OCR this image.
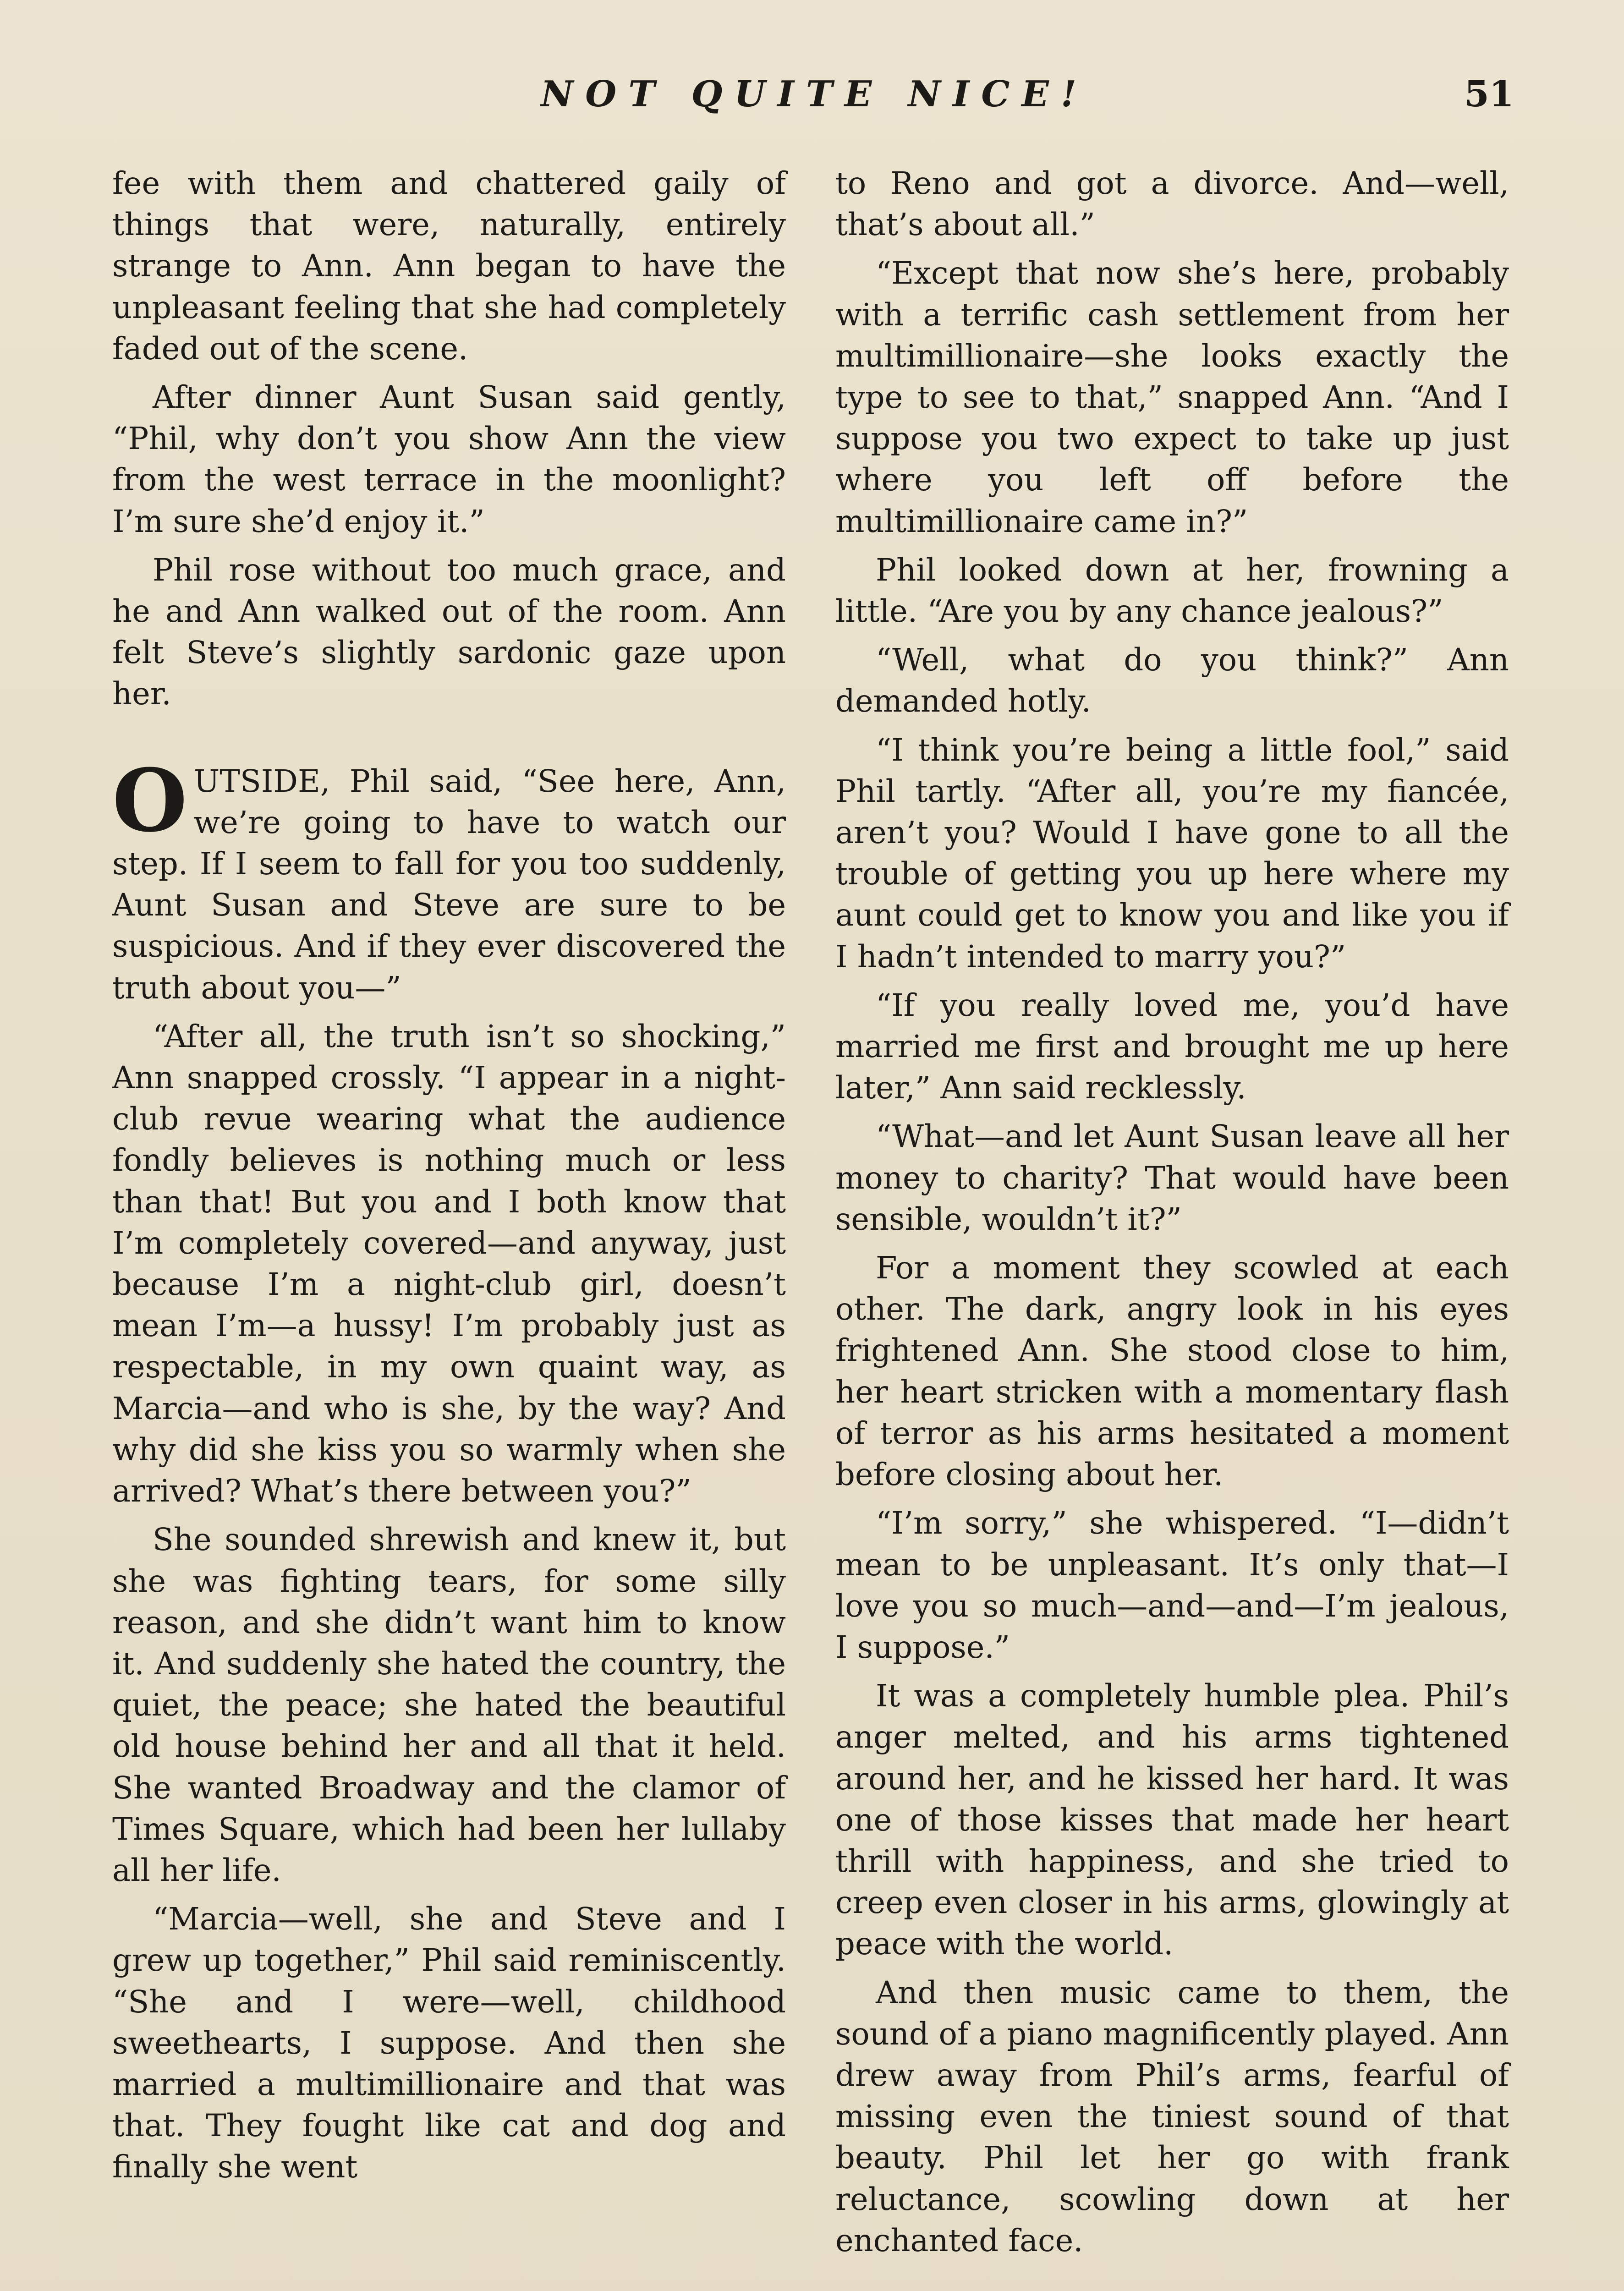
NOT QUITE NICE!	51

fee with them and chattered gaily of things that were, naturally, entirely strange to Ann. Ann began to have the unpleasant feeling that she had completely faded out of the scene.

After dinner Aunt Susan said gently, “Phil, why don’t you show Ann the view from the west terrace in the moonlight? I’m sure she’d enjoy it.”

Phil rose without too much grace, and he and Ann walked out of the room. Ann felt Steve’s slightly sardonic gaze upon her.

OUTSIDE, Phil said, “See here, Ann, we’re going to have to watch our step. If I seem to fall for you too suddenly, Aunt Susan and Steve are sure to be suspicious. And if they ever discovered the truth about you—”

“After all, the truth isn’t so shocking,” Ann snapped crossly. “I appear in a night-club revue wearing what the audience fondly believes is nothing much or less than that! But you and I both know that I’m completely covered—and anyway, just because I’m a night-club girl, doesn’t mean I’m—a hussy! I’m probably just as respectable, in my own quaint way, as Marcia—and who is she, by the way? And why did she kiss you so warmly when she arrived? What’s there between you?”

She sounded shrewish and knew it, but she was fighting tears, for some silly reason, and she didn’t want him to know it. And suddenly she hated the country, the quiet, the peace; she hated the beautiful old house behind her and all that it held. She wanted Broadway and the clamor of Times Square, which had been her lullaby all her life.

“Marcia—well, she and Steve and I grew up together,” Phil said reminiscently. “She and I were—well, childhood sweethearts, I suppose. And then she married a multimillionaire and that was that. They fought like cat and dog and finally she went

to Reno and got a divorce. And—well, that’s about all.”

“Except that now she’s here, probably with a terrific cash settlement from her multimillionaire—she looks exactly the type to see to that,” snapped Ann. “And I suppose you two expect to take up just where you left off before the multimillionaire came in?”

Phil looked down at her, frowning a little. “Are you by any chance jealous?”

“Well, what do you think?” Ann demanded hotly.

“I think you’re being a little fool,” said Phil tartly. “After all, you’re my fiancée, aren’t you? Would I have gone to all the trouble of getting you up here where my aunt could get to know you and like you if I hadn’t intended to marry you?”

“If you really loved me, you’d have married me first and brought me up here later,” Ann said recklessly.

“What—and let Aunt Susan leave all her money to charity? That would have been sensible, wouldn’t it?”

For a moment they scowled at each other. The dark, angry look in his eyes frightened Ann. She stood close to him, her heart stricken with a momentary flash of terror as his arms hesitated a moment before closing about her.

“I’m sorry,” she whispered. “I—didn’t mean to be unpleasant. It’s only that—I love you so much—and—and—I’m jealous, I suppose.”

It was a completely humble plea. Phil’s anger melted, and his arms tightened around her, and he kissed her hard. It was one of those kisses that made her heart thrill with happiness, and she tried to creep even closer in his arms, glowingly at peace with the world.

And then music came to them, the sound of a piano magnificently played. Ann drew away from Phil’s arms, fearful of missing even the tiniest sound of that beauty. Phil let her go with frank reluctance, scowling down at her enchanted face.
